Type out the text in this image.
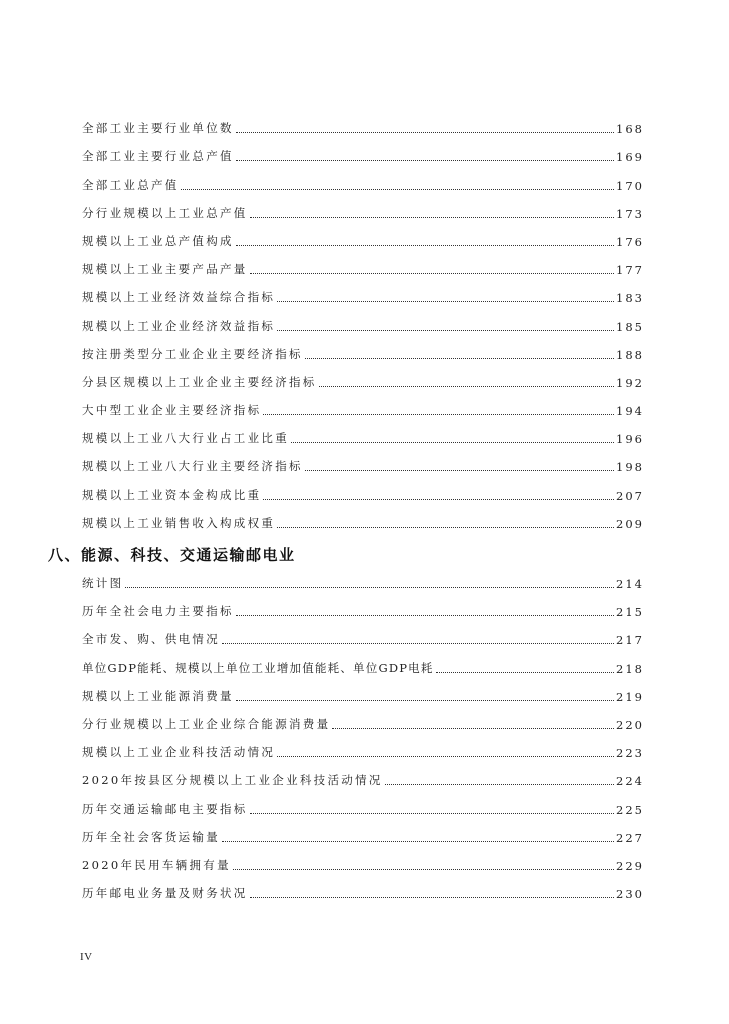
全部工业主要行业单位数	168
全部工业主要行业总产值	169
全部工业总产值	170
分行业规模以上工业总产值	173
规模以上工业总产值构成	176
规模以上工业主要产品产量	177
规模以上工业经济效益综合指标	183
规模以上工业企业经济效益指标	185
按注册类型分工业企业主要经济指标	188
分县区规模以上工业企业主要经济指标	192
大中型工业企业主要经济指标	194
规模以上工业八大行业占工业比重	196
规模以上工业八大行业主要经济指标	198
规模以上工业资本金构成比重	207
规模以上工业销售收入构成权重	209
八、能源、科技、交通运输邮电业
统计图	214
历年全社会电力主要指标	215
全市发、购、供电情况	217
单位GDP能耗、规模以上单位工业增加值能耗、单位GDP电耗	218
规模以上工业能源消费量	219
分行业规模以上工业企业综合能源消费量	220
规模以上工业企业科技活动情况	223
2020年按县区分规模以上工业企业科技活动情况	224
历年交通运输邮电主要指标	225
历年全社会客货运输量	227
2020年民用车辆拥有量	229
历年邮电业务量及财务状况	230
IV
